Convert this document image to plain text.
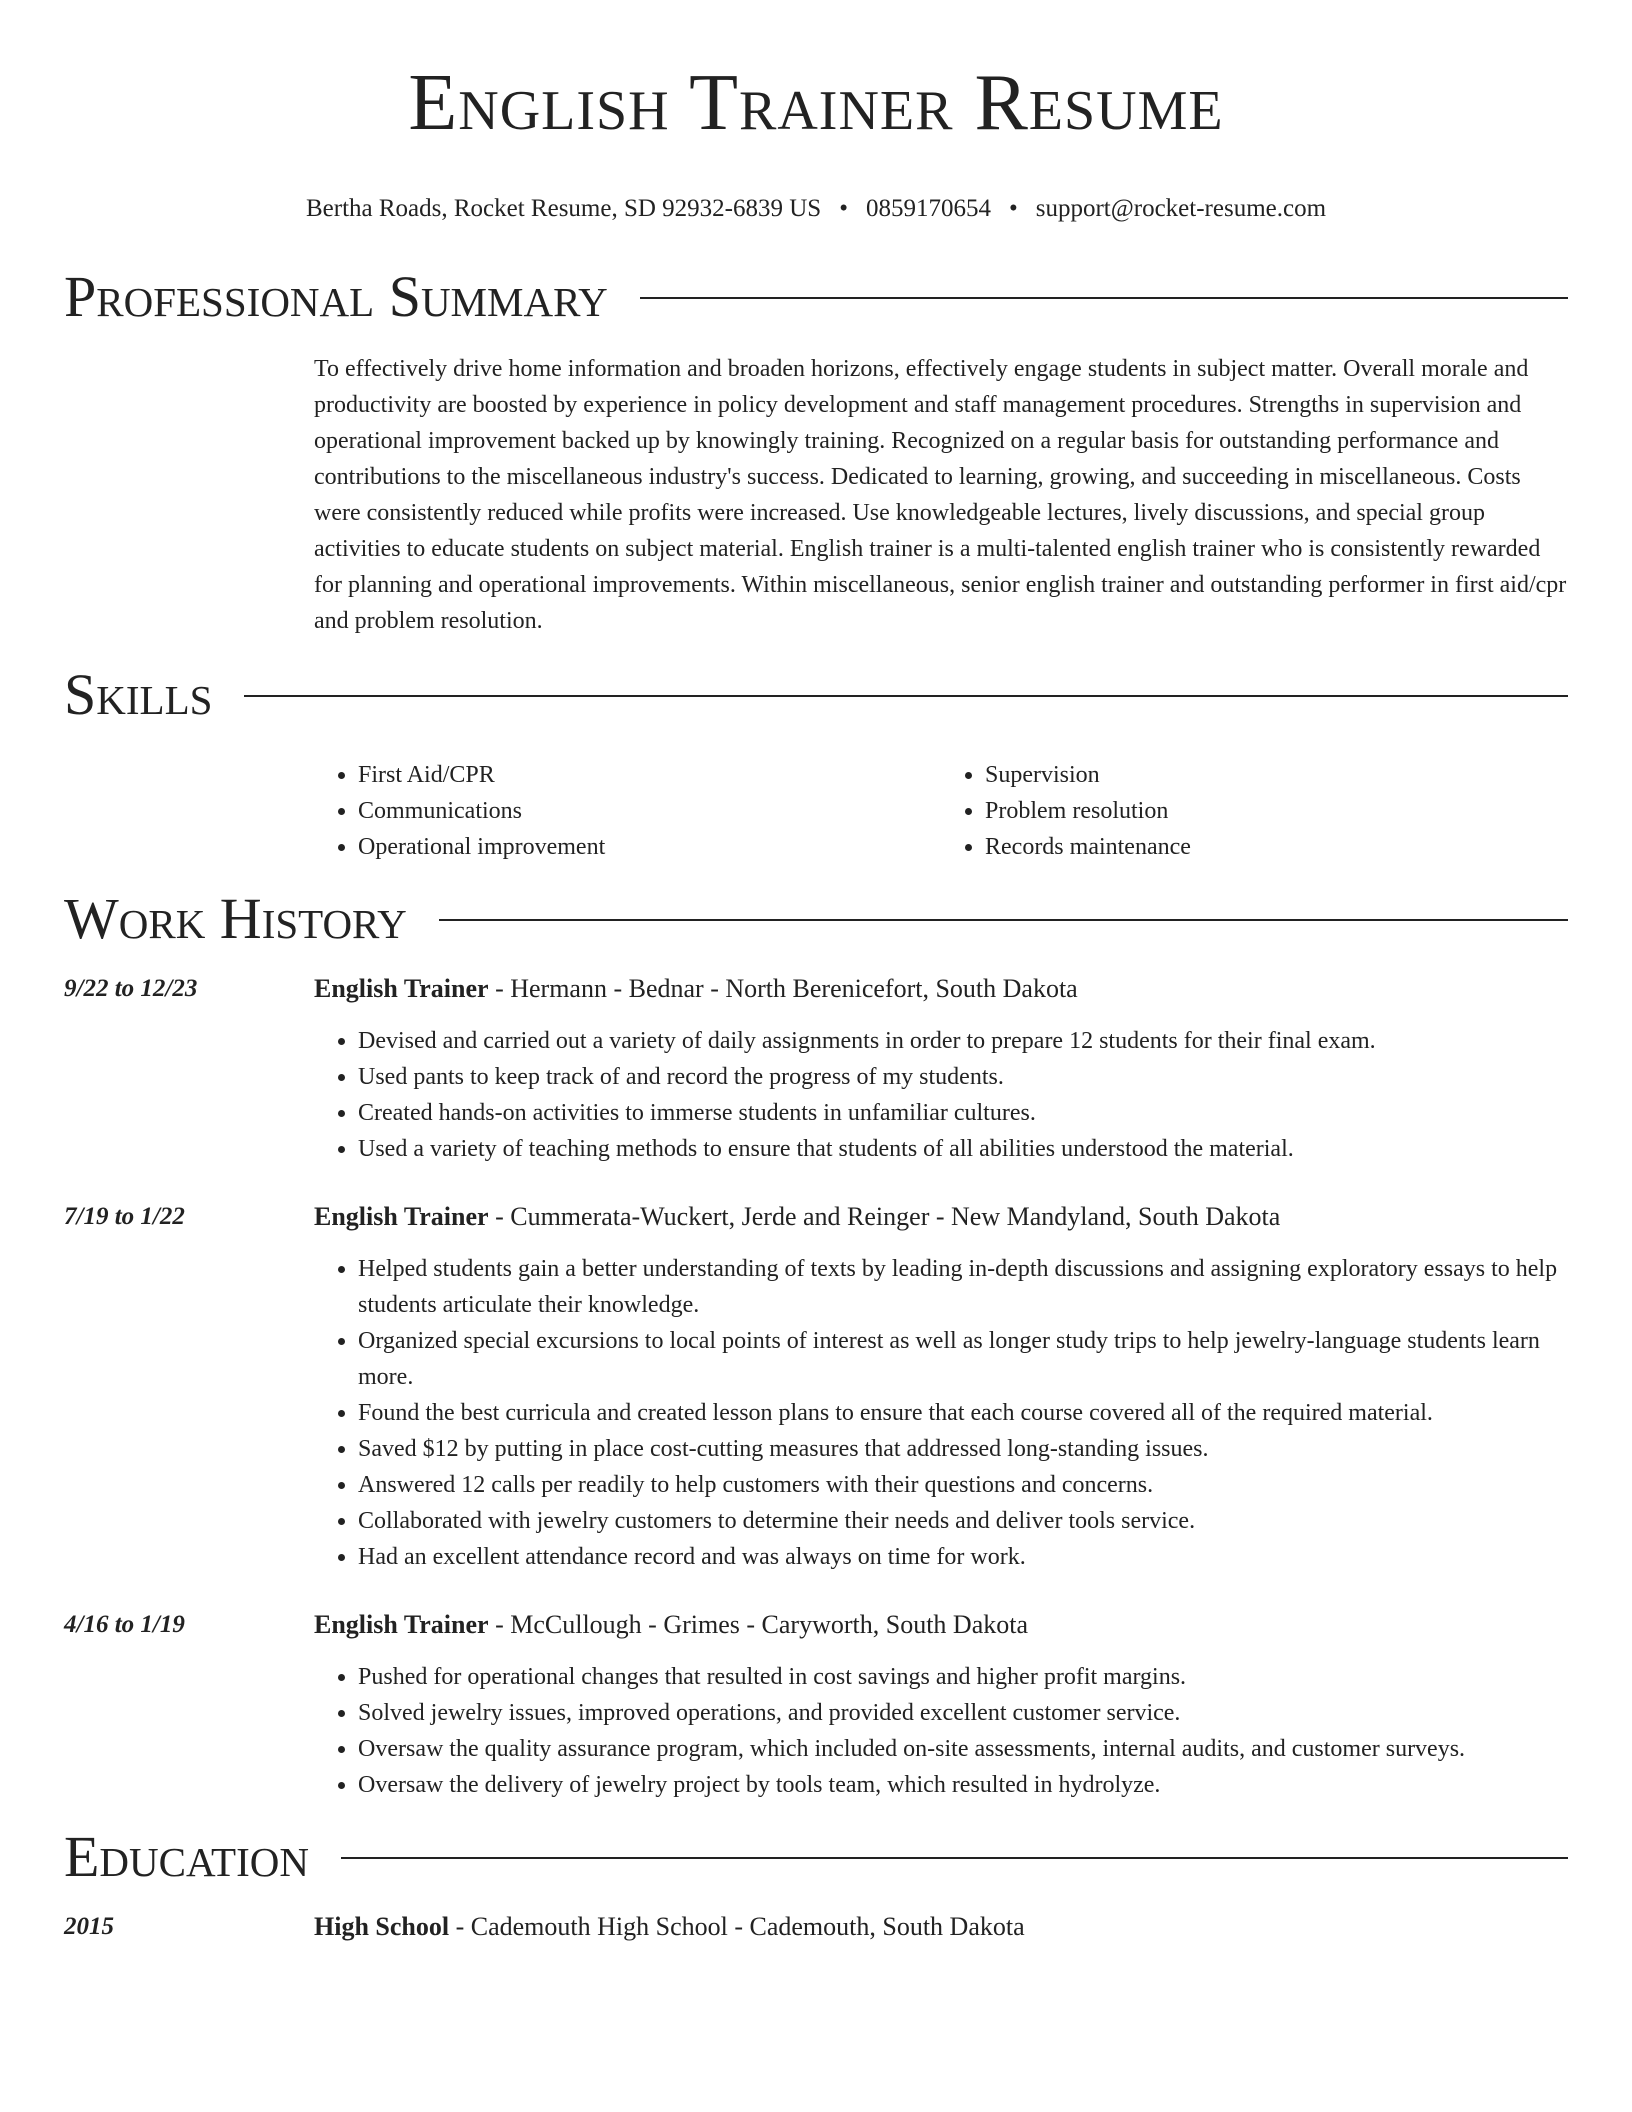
English Trainer Resume
Bertha Roads, Rocket Resume, SD 92932-6839 US • 0859170654 • support@rocket-resume.com
Professional Summary

To effectively drive home information and broaden horizons, effectively engage students in subject matter. Overall morale and productivity are boosted by experience in policy development and staff management procedures. Strengths in supervision and operational improvement backed up by knowingly training. Recognized on a regular basis for outstanding performance and contributions to the miscellaneous industry's success. Dedicated to learning, growing, and succeeding in miscellaneous. Costs were consistently reduced while profits were increased. Use knowledgeable lectures, lively discussions, and special group activities to educate students on subject material. English trainer is a multi-talented english trainer who is consistently rewarded for planning and operational improvements. Within miscellaneous, senior english trainer and outstanding performer in first aid/cpr and problem resolution.

Skills
• First Aid/CPR
• Communications
• Operational improvement
• Supervision
• Problem resolution
• Records maintenance
Work History
9/22 to 12/23	English Trainer - Hermann - Bednar - North Berenicefort, South Dakota
• Devised and carried out a variety of daily assignments in order to prepare 12 students for their final exam.
• Used pants to keep track of and record the progress of my students.
• Created hands-on activities to immerse students in unfamiliar cultures.
• Used a variety of teaching methods to ensure that students of all abilities understood the material.
7/19 to 1/22	English Trainer - Cummerata-Wuckert, Jerde and Reinger - New Mandyland, South Dakota
• Helped students gain a better understanding of texts by leading in-depth discussions and assigning exploratory essays to help students articulate their knowledge.
• Organized special excursions to local points of interest as well as longer study trips to help jewelry-language students learn more.
• Found the best curricula and created lesson plans to ensure that each course covered all of the required material.
• Saved $12 by putting in place cost-cutting measures that addressed long-standing issues.
• Answered 12 calls per readily to help customers with their questions and concerns.
• Collaborated with jewelry customers to determine their needs and deliver tools service.
• Had an excellent attendance record and was always on time for work.
4/16 to 1/19	English Trainer - McCullough - Grimes - Caryworth, South Dakota
• Pushed for operational changes that resulted in cost savings and higher profit margins.
• Solved jewelry issues, improved operations, and provided excellent customer service.
• Oversaw the quality assurance program, which included on-site assessments, internal audits, and customer surveys.
• Oversaw the delivery of jewelry project by tools team, which resulted in hydrolyze.
Education
2015	High School - Cademouth High School - Cademouth, South Dakota
